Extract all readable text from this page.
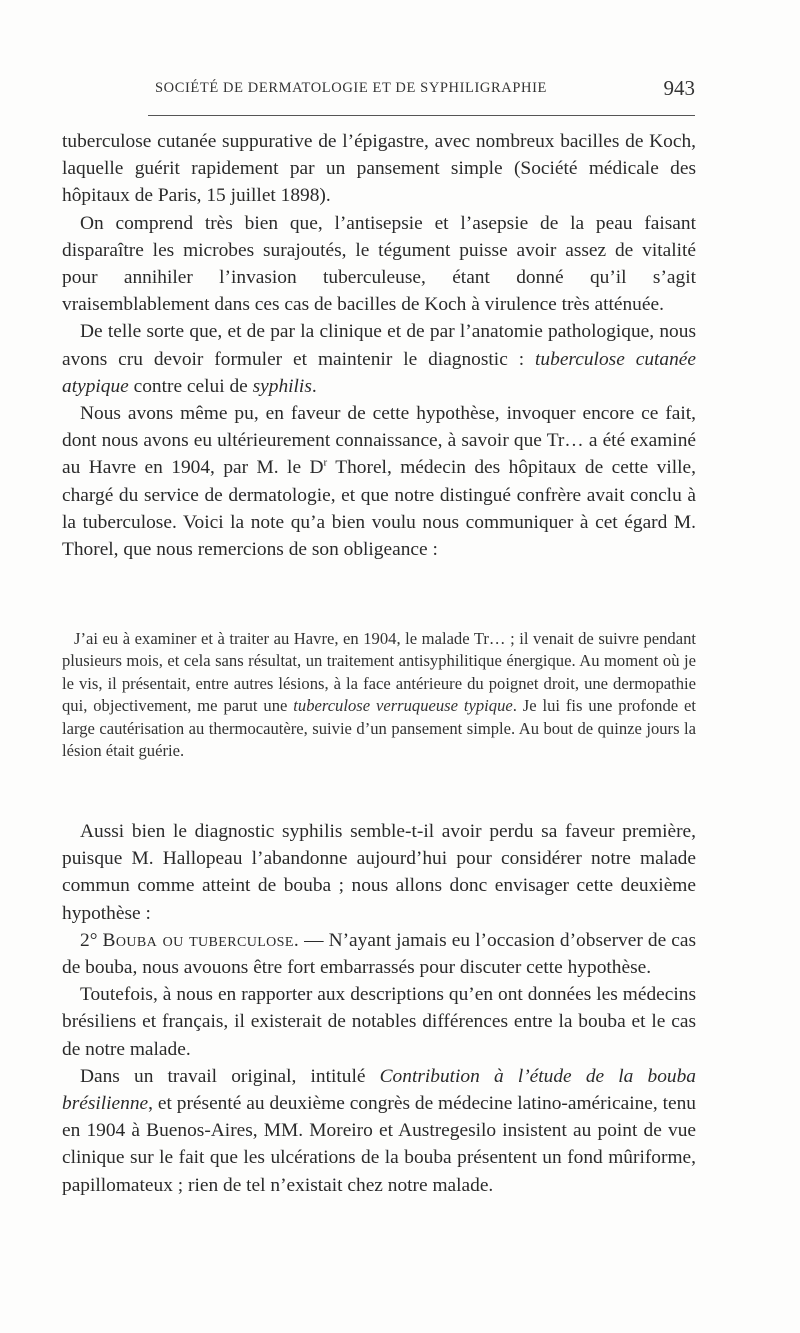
SOCIÉTÉ DE DERMATOLOGIE ET DE SYPHILIGRAPHIE	943

tuberculose cutanée suppurative de l’épigastre, avec nombreux bacilles de Koch, laquelle guérit rapidement par un pansement simple (Société médicale des hôpitaux de Paris, 15 juillet 1898).

On comprend très bien que, l’antisepsie et l’asepsie de la peau faisant disparaître les microbes surajoutés, le tégument puisse avoir assez de vitalité pour annihiler l’invasion tuberculeuse, étant donné qu’il s’agit vraisemblablement dans ces cas de bacilles de Koch à virulence très atténuée.

De telle sorte que, et de par la clinique et de par l’anatomie pathologique, nous avons cru devoir formuler et maintenir le diagnostic : tuberculose cutanée atypique contre celui de syphilis.

Nous avons même pu, en faveur de cette hypothèse, invoquer encore ce fait, dont nous avons eu ultérieurement connaissance, à savoir que Tr… a été examiné au Havre en 1904, par M. le $D^r$ Thorel, médecin des hôpitaux de cette ville, chargé du service de dermatologie, et que notre distingué confrère avait conclu à la tuberculose. Voici la note qu’a bien voulu nous communiquer à cet égard M. Thorel, que nous remercions de son obligeance :

J’ai eu à examiner et à traiter au Havre, en 1904, le malade Tr… ; il venait de suivre pendant plusieurs mois, et cela sans résultat, un traitement antisyphilitique énergique. Au moment où je le vis, il présentait, entre autres lésions, à la face antérieure du poignet droit, une dermopathie qui, objectivement, me parut une tuberculose verruqueuse typique. Je lui fis une profonde et large cautérisation au thermocautère, suivie d’un pansement simple. Au bout de quinze jours la lésion était guérie.

Aussi bien le diagnostic syphilis semble-t-il avoir perdu sa faveur première, puisque M. Hallopeau l’abandonne aujourd’hui pour considérer notre malade commun comme atteint de bouba ; nous allons donc envisager cette deuxième hypothèse :

2° Bouba ou tuberculose. — N’ayant jamais eu l’occasion d’observer de cas de bouba, nous avouons être fort embarrassés pour discuter cette hypothèse.

Toutefois, à nous en rapporter aux descriptions qu’en ont données les médecins brésiliens et français, il existerait de notables différences entre la bouba et le cas de notre malade.

Dans un travail original, intitulé Contribution à l’étude de la bouba brésilienne, et présenté au deuxième congrès de médecine latino-américaine, tenu en 1904 à Buenos-Aires, MM. Moreiro et Austregesilo insistent au point de vue clinique sur le fait que les ulcérations de la bouba présentent un fond mûriforme, papillomateux ; rien de tel n’existait chez notre malade.
